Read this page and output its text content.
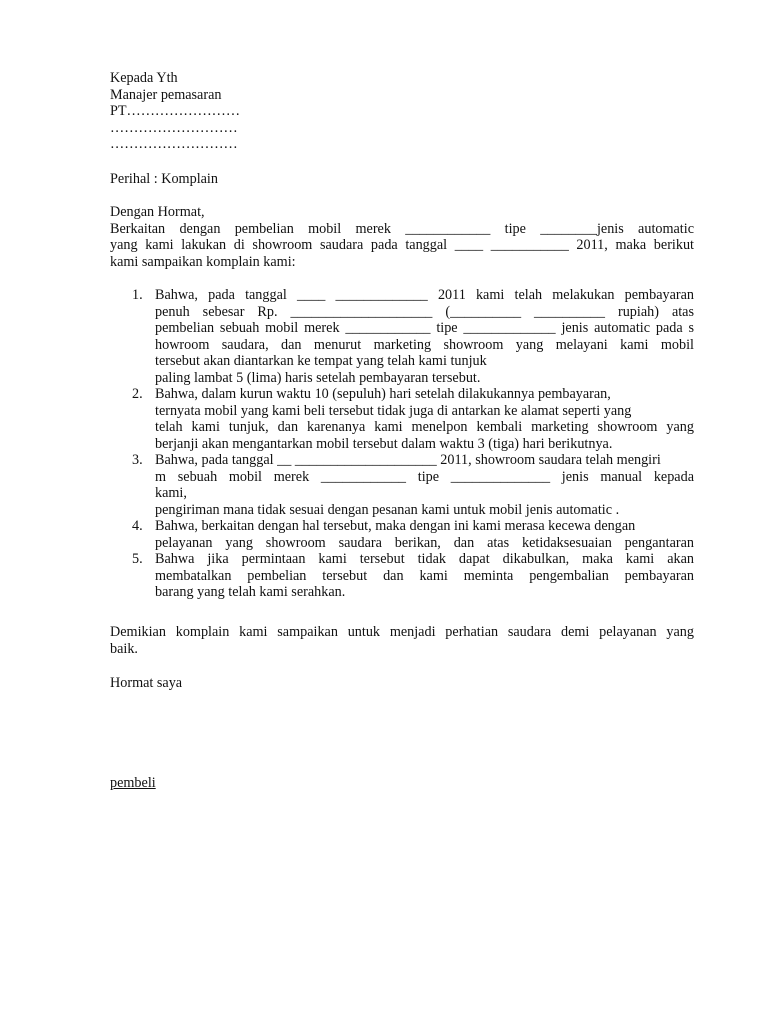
Kepada Yth
Manajer pemasaran
PT……………………
………………………
………………………
Perihal : Komplain
Dengan Hormat,
Berkaitan dengan pembelian mobil merek ____________ tipe ________jenis automatic
yang kami lakukan di showroom saudara pada tanggal ____ ___________ 2011, maka berikut
kami sampaikan komplain kami:
1. Bahwa, pada tanggal ____ _____________ 2011 kami telah melakukan pembayaran
penuh sebesar Rp. ____________________ (__________ __________ rupiah) atas
pembelian sebuah mobil merek ____________ tipe _____________ jenis automatic pada s
howroom saudara, dan menurut marketing showroom yang melayani kami mobil
tersebut akan diantarkan ke tempat yang telah kami tunjuk
paling lambat 5 (lima) haris setelah pembayaran tersebut.
2. Bahwa, dalam kurun waktu 10 (sepuluh) hari setelah dilakukannya pembayaran,
ternyata mobil yang kami beli tersebut tidak juga di antarkan ke alamat seperti yang
telah kami tunjuk, dan karenanya kami menelpon kembali marketing showroom yang
berjanji akan mengantarkan mobil tersebut dalam waktu 3 (tiga) hari berikutnya.
3. Bahwa, pada tanggal __ ____________________ 2011, showroom saudara telah mengiri
m sebuah mobil merek ____________ tipe ______________ jenis manual kepada
kami,
pengiriman mana tidak sesuai dengan pesanan kami untuk mobil jenis automatic .
4. Bahwa, berkaitan dengan hal tersebut, maka dengan ini kami merasa kecewa dengan
pelayanan yang showroom saudara berikan, dan atas ketidaksesuaian pengantaran
5. Bahwa jika permintaan kami tersebut tidak dapat dikabulkan, maka kami akan
membatalkan pembelian tersebut dan kami meminta pengembalian pembayaran
barang yang telah kami serahkan.
Demikian komplain kami sampaikan untuk menjadi perhatian saudara demi pelayanan yang
baik.
Hormat saya
pembeli
